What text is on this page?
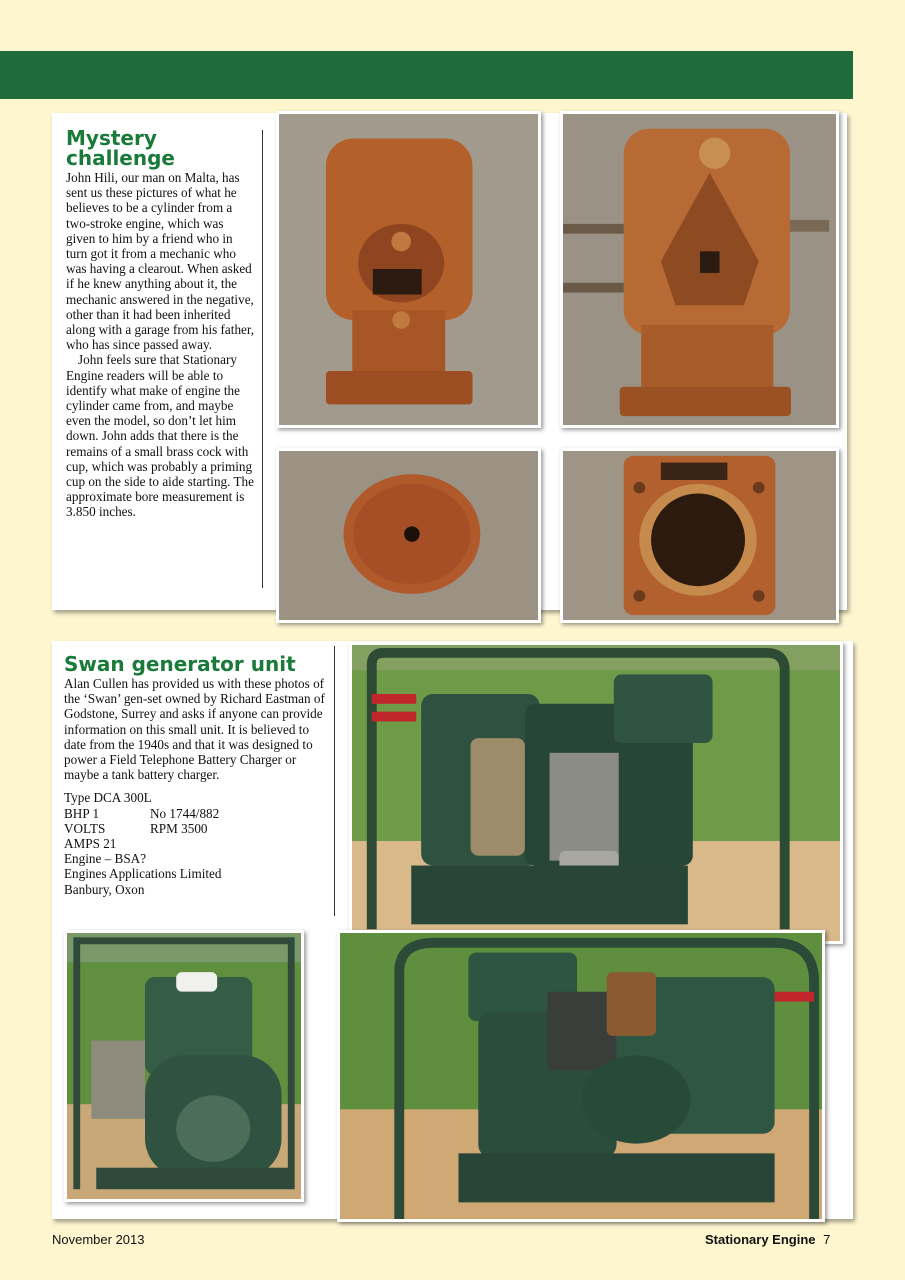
Mystery challenge

John Hili, our man on Malta, has sent us these pictures of what he believes to be a cylinder from a two-stroke engine, which was given to him by a friend who in turn got it from a mechanic who was having a clearout. When asked if he knew anything about it, the mechanic answered in the negative, other than it had been inherited along with a garage from his father, who has since passed away.

John feels sure that Stationary Engine readers will be able to identify what make of engine the cylinder came from, and maybe even the model, so don’t let him down. John adds that there is the remains of a small brass cock with cup, which was probably a priming cup on the side to aide starting. The approximate bore measurement is 3.850 inches.

Swan generator unit

Alan Cullen has provided us with these photos of the ‘Swan’ gen-set owned by Richard Eastman of Godstone, Surrey and asks if anyone can provide information on this small unit. It is believed to date from the 1940s and that it was designed to power a Field Telephone Battery Charger or maybe a tank battery charger.

Type DCA 300L
BHP 1	No 1744/882
VOLTS	RPM 3500
AMPS 21
Engine – BSA?
Engines Applications Limited
Banbury, Oxon
November 2013	Stationary Engine 7
